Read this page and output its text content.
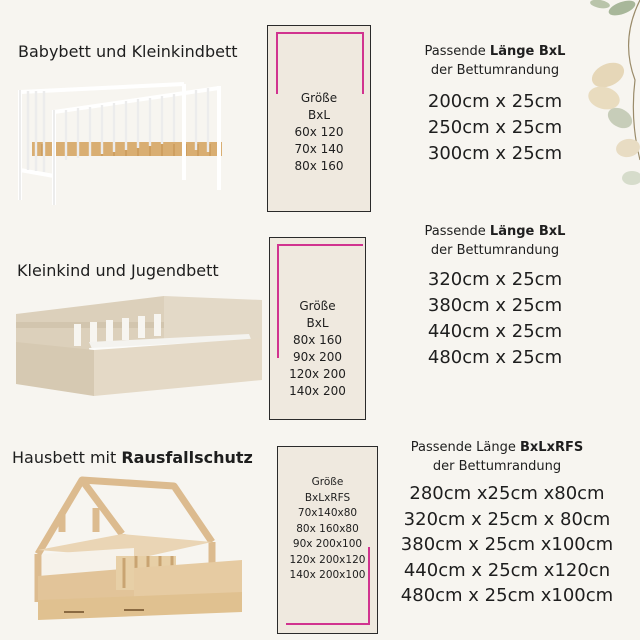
Babybett und Kleinkindbett
Größe
BxL
60x 120
70x 140
80x 160
Passende Länge BxL
der Bettumrandung
200cm x 25cm
250cm x 25cm
300cm x 25cm
Kleinkind und Jugendbett
Größe
BxL
80x 160
90x 200
120x 200
140x 200
Passende Länge BxL
der Bettumrandung
320cm x 25cm
380cm x 25cm
440cm x 25cm
480cm x 25cm
Hausbett mit Rausfallschutz
Größe
BxLxRFS
70x140x80
80x 160x80
90x 200x100
120x 200x120
140x 200x100
Passende Länge BxLxRFS
der Bettumrandung
280cm x25cm x80cm
320cm x 25cm x 80cm
380cm x 25cm x100cm
440cm x 25cm x120cn
480cm x 25cm x100cm
